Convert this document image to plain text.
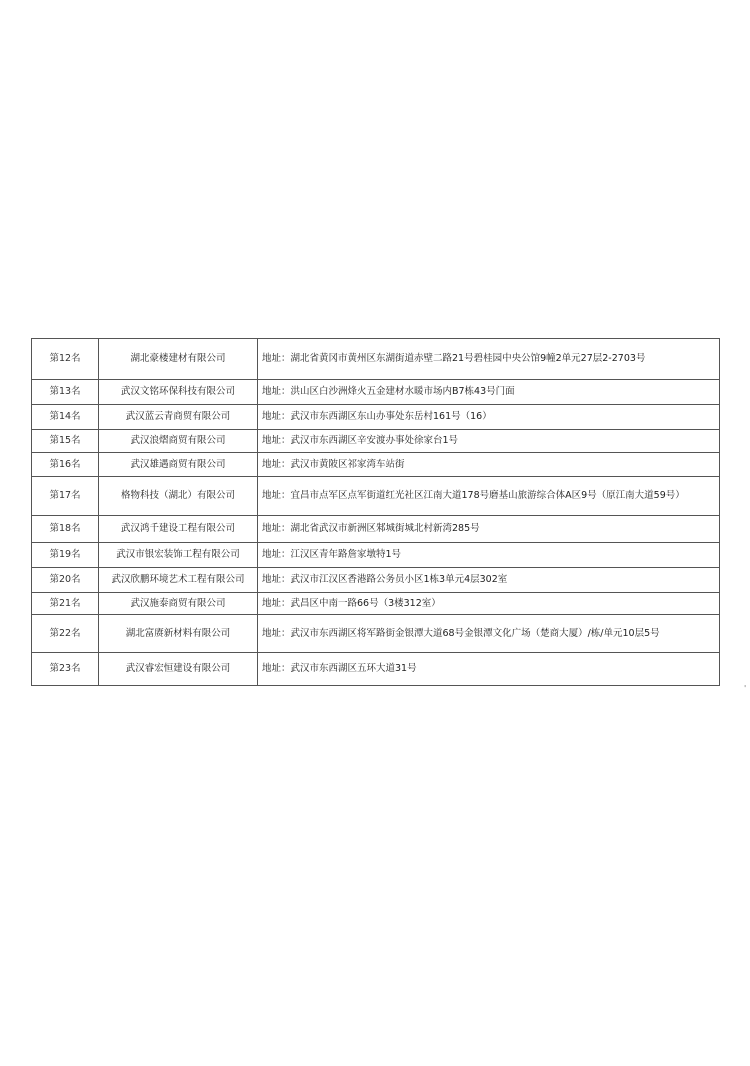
第12名	湖北豪楼建材有限公司	地址：湖北省黄冈市黄州区东湖街道赤壁二路21号碧桂园中央公馆9幢2单元27层2-2703号
第13名	武汉文铭环保科技有限公司	地址：洪山区白沙洲烽火五金建材水暖市场内B7栋43号门面
第14名	武汉蓝云青商贸有限公司	地址：武汉市东西湖区东山办事处东岳村161号（16）
第15名	武汉浪熠商贸有限公司	地址：武汉市东西湖区辛安渡办事处徐家台1号
第16名	武汉雄遇商贸有限公司	地址：武汉市黄陂区祁家湾车站街
第17名	格物科技（湖北）有限公司	地址：宜昌市点军区点军街道红光社区江南大道178号磨基山旅游综合体A区9号（原江南大道59号）
第18名	武汉鸿千建设工程有限公司	地址：湖北省武汉市新洲区邾城街城北村新湾285号
第19名	武汉市银宏装饰工程有限公司	地址：江汉区青年路詹家墩特1号
第20名	武汉欣鹏环境艺术工程有限公司	地址：武汉市江汉区香港路公务员小区1栋3单元4层302室
第21名	武汉施泰商贸有限公司	地址：武昌区中南一路66号（3楼312室）
第22名	湖北富赓新材料有限公司	地址：武汉市东西湖区将军路街金银潭大道68号金银潭文化广场（楚商大厦）/栋/单元10层5号
第23名	武汉睿宏恒建设有限公司	地址：武汉市东西湖区五环大道31号
'
